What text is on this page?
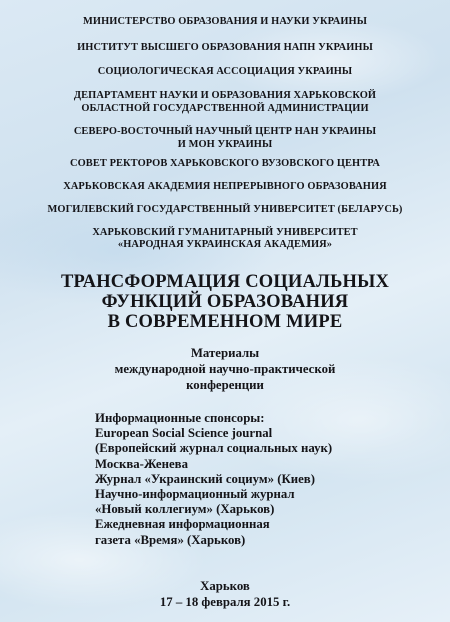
МИНИСТЕРСТВО ОБРАЗОВАНИЯ И НАУКИ УКРАИНЫ
ИНСТИТУТ ВЫСШЕГО ОБРАЗОВАНИЯ НАПН УКРАИНЫ
СОЦИОЛОГИЧЕСКАЯ АССОЦИАЦИЯ УКРАИНЫ
ДЕПАРТАМЕНТ НАУКИ И ОБРАЗОВАНИЯ ХАРЬКОВСКОЙ
ОБЛАСТНОЙ ГОСУДАРСТВЕННОЙ АДМИНИСТРАЦИИ
СЕВЕРО-ВОСТОЧНЫЙ НАУЧНЫЙ ЦЕНТР НАН УКРАИНЫ
И МОН УКРАИНЫ
СОВЕТ РЕКТОРОВ ХАРЬКОВСКОГО ВУЗОВСКОГО ЦЕНТРА
ХАРЬКОВСКАЯ АКАДЕМИЯ НЕПРЕРЫВНОГО ОБРАЗОВАНИЯ
МОГИЛЕВСКИЙ ГОСУДАРСТВЕННЫЙ УНИВЕРСИТЕТ (БЕЛАРУСЬ)
ХАРЬКОВСКИЙ ГУМАНИТАРНЫЙ УНИВЕРСИТЕТ
«НАРОДНАЯ УКРАИНСКАЯ АКАДЕМИЯ»
ТРАНСФОРМАЦИЯ СОЦИАЛЬНЫХ
ФУНКЦИЙ ОБРАЗОВАНИЯ
В СОВРЕМЕННОМ МИРЕ
Материалы
международной научно-практической
конференции
Информационные спонсоры:
European Social Science journal
(Европейский журнал социальных наук)
Москва-Женева
Журнал «Украинский социум» (Киев)
Научно-информационный журнал
«Новый коллегиум» (Харьков)
Ежедневная информационная
газета «Время» (Харьков)
Харьков
17 – 18 февраля 2015 г.
